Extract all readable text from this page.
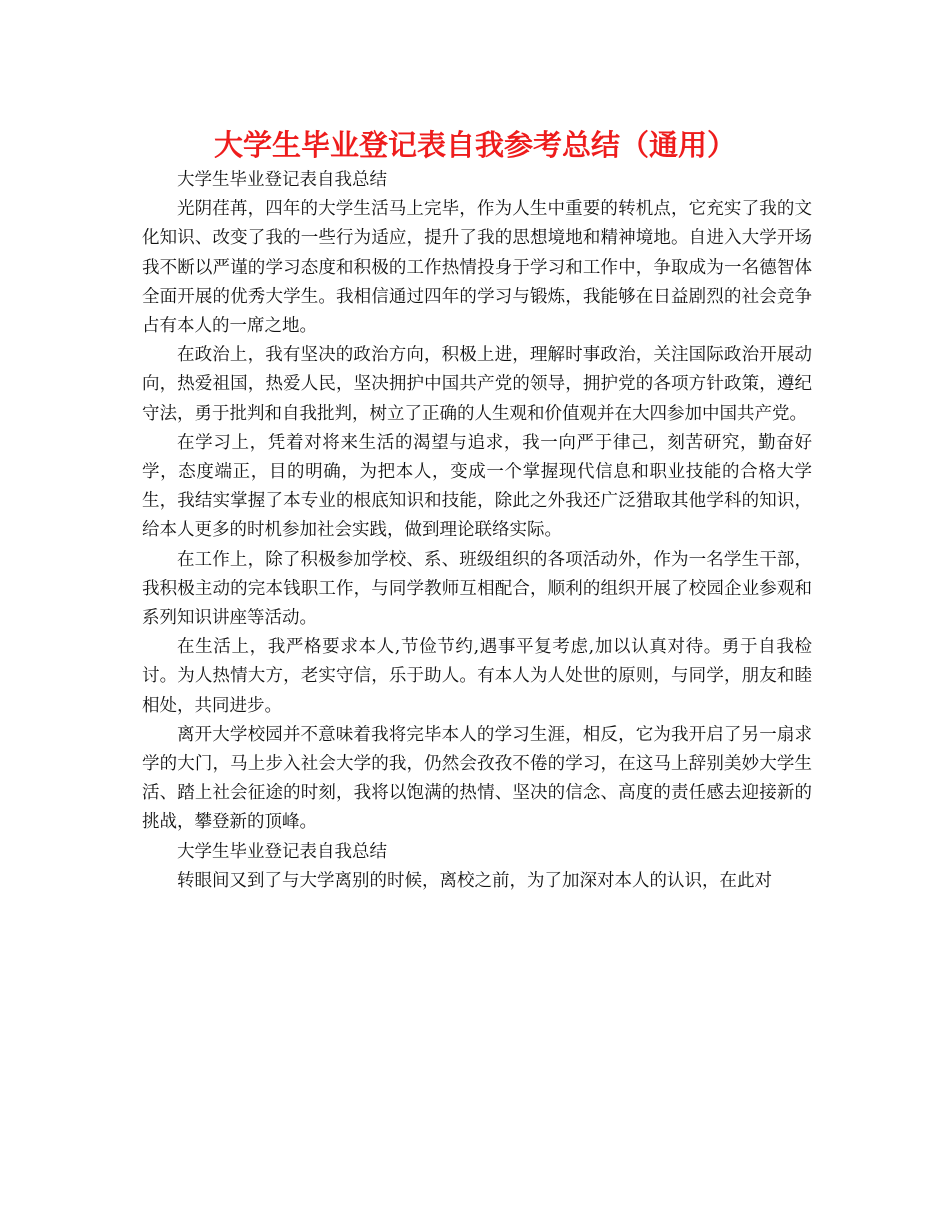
大学生毕业登记表自我参考总结（通用）

大学生毕业登记表自我总结

光阴荏苒，四年的大学生活马上完毕，作为人生中重要的转机点，它充实了我的文化知识、改变了我的一些行为适应，提升了我的思想境地和精神境地。自进入大学开场我不断以严谨的学习态度和积极的工作热情投身于学习和工作中，争取成为一名德智体全面开展的优秀大学生。我相信通过四年的学习与锻炼，我能够在日益剧烈的社会竞争占有本人的一席之地。

在政治上，我有坚决的政治方向，积极上进，理解时事政治，关注国际政治开展动向，热爱祖国，热爱人民，坚决拥护中国共产党的领导，拥护党的各项方针政策，遵纪守法，勇于批判和自我批判，树立了正确的人生观和价值观并在大四参加中国共产党。

在学习上，凭着对将来生活的渴望与追求，我一向严于律己，刻苦研究，勤奋好学，态度端正，目的明确，为把本人，变成一个掌握现代信息和职业技能的合格大学生，我结实掌握了本专业的根底知识和技能，除此之外我还广泛猎取其他学科的知识，给本人更多的时机参加社会实践，做到理论联络实际。

在工作上，除了积极参加学校、系、班级组织的各项活动外，作为一名学生干部，我积极主动的完本钱职工作，与同学教师互相配合，顺利的组织开展了校园企业参观和系列知识讲座等活动。

在生活上，我严格要求本人,节俭节约,遇事平复考虑,加以认真对待。勇于自我检讨。为人热情大方，老实守信，乐于助人。有本人为人处世的原则，与同学，朋友和睦相处，共同进步。

离开大学校园并不意味着我将完毕本人的学习生涯，相反，它为我开启了另一扇求学的大门，马上步入社会大学的我，仍然会孜孜不倦的学习，在这马上辞别美妙大学生活、踏上社会征途的时刻，我将以饱满的热情、坚决的信念、高度的责任感去迎接新的挑战，攀登新的顶峰。

大学生毕业登记表自我总结

转眼间又到了与大学离别的时候，离校之前，为了加深对本人的认识，在此对
